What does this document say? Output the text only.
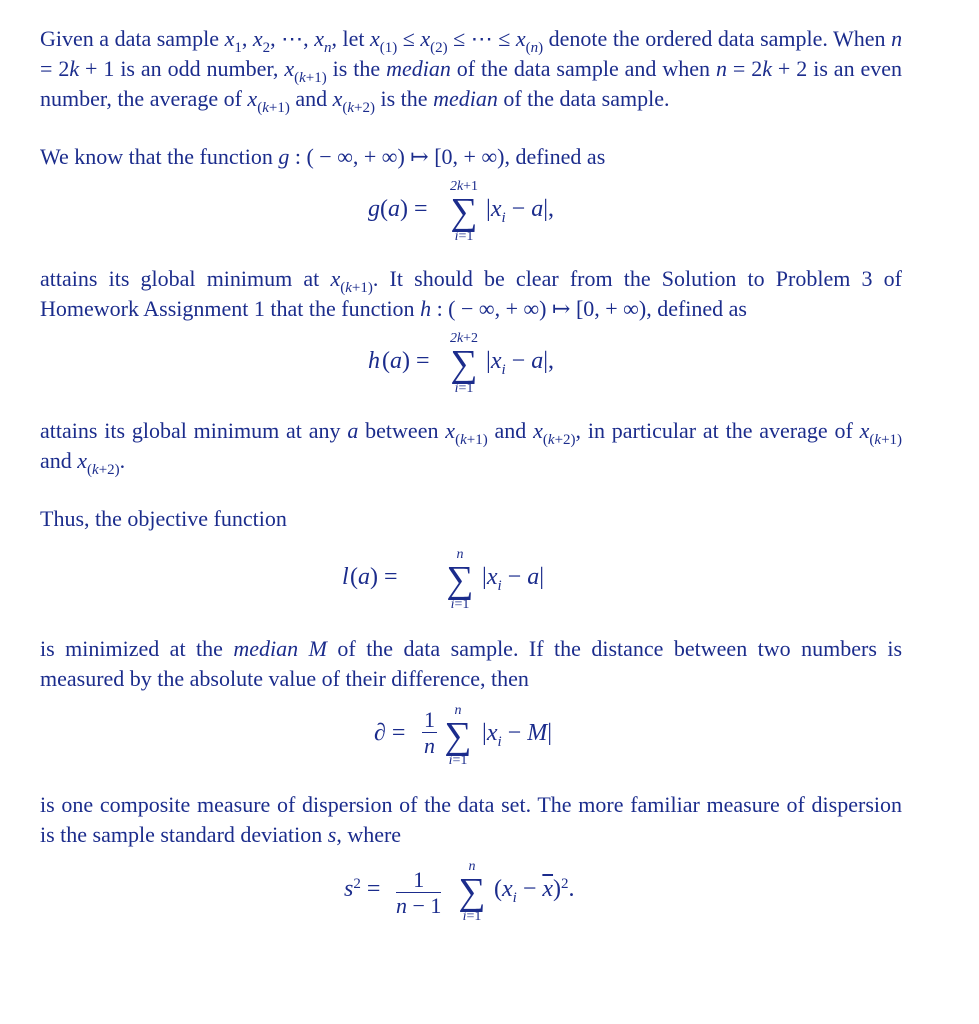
Given a data sample $x_1$, $x_2$, ⋯, $x_n$, let $x_{(1)} \le x_{(2)}$ ≤ ⋯ ≤ $x_{(n)}$ denote the ordered data sample. When n = 2k + 1 is an odd number, $x_{(k+1)}$ is the median of the data sample and when n = 2k + 2 is an even number, the average of $x_{(k+1)}$ and $x_{(k+2)}$ is the median of the data sample.

We know that the function g : ( − ∞, + ∞) ↦ [0, + ∞), defined as

g (a) =
2k+1
∑
i=1
$|x_i - a|$,

attains its global minimum at $x_{(k+1)}$. It should be clear from the Solution to Problem 3 of Homework Assignment 1 that the function h : ( − ∞, + ∞) ↦ [0, + ∞), defined as

h (a) =
2k+2
∑
i=1
$|x_i - a|$,

attains its global minimum at any a between $x_{(k+1)}$ and $x_{(k+2)}$, in particular at the average of $x_{(k+1)}$ and $x_{(k+2)}$.

Thus, the objective function

l (a) =
n
∑
i=1
$|x_i - a|$

is minimized at the median M of the data sample. If the distance between two numbers is measured by the absolute value of their difference, then

∂ = $\frac{1}{n}$	n
∑
i=1
$|x_i - M|$

is one composite measure of dispersion of the data set. The more familiar measure of dispersion is the sample standard deviation s, where

$s^2 = \frac{1}{n - 1}$
n
∑
i=1
$(x_i - \overline{x})^2$.
